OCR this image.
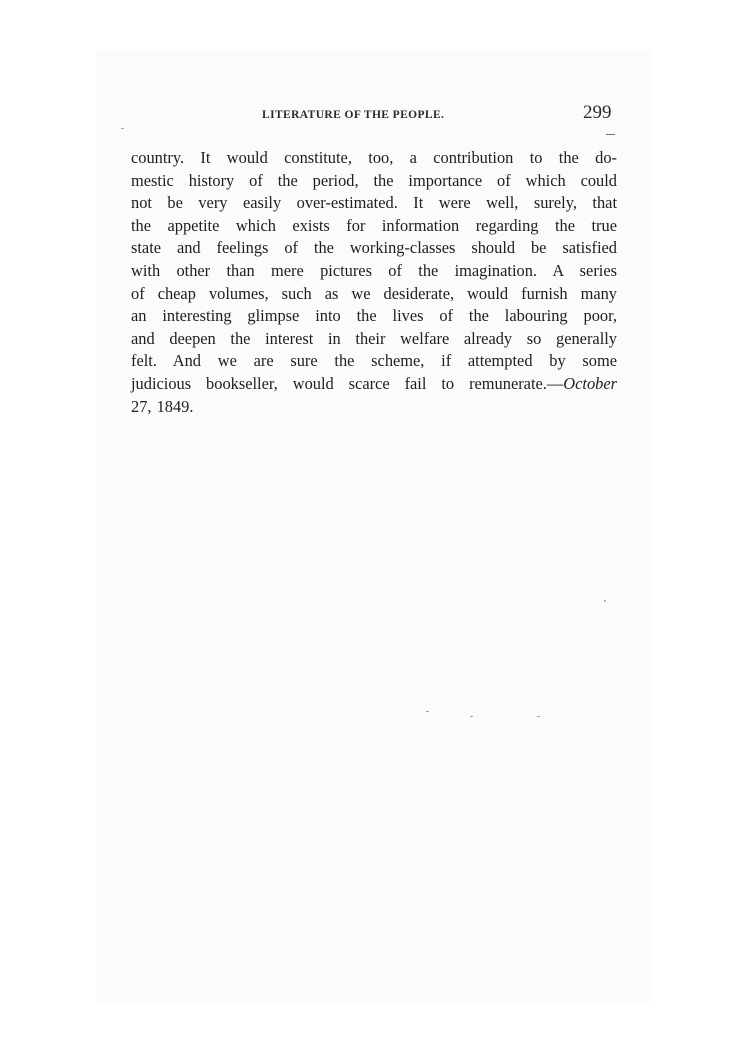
LITERATURE OF THE PEOPLE.	299
country. It would constitute, too, a contribution to the do-
mestic history of the period, the importance of which could
not be very easily over-estimated. It were well, surely, that
the appetite which exists for information regarding the true
state and feelings of the working-classes should be satisfied
with other than mere pictures of the imagination. A series
of cheap volumes, such as we desiderate, would furnish many
an interesting glimpse into the lives of the labouring poor,
and deepen the interest in their welfare already so generally
felt. And we are sure the scheme, if attempted by some
judicious bookseller, would scarce fail to remunerate.—October
27, 1849.
